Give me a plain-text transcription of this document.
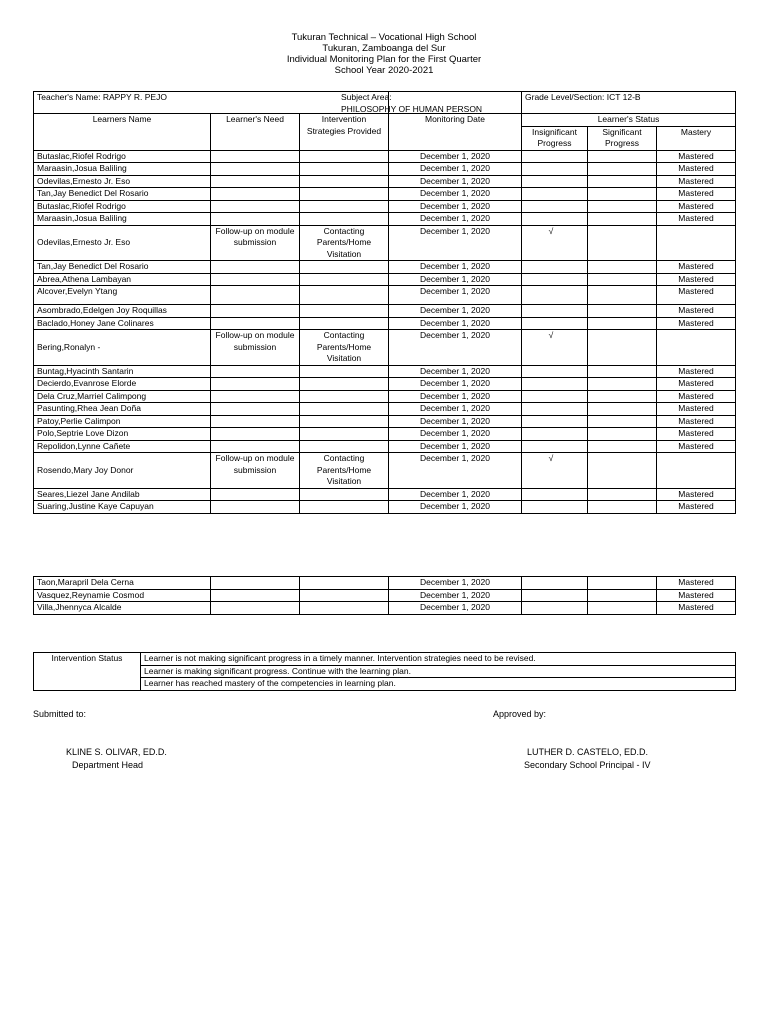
Tukuran Technical – Vocational High School
Tukuran, Zamboanga del Sur
Individual Monitoring Plan for the First Quarter
School Year 2020-2021
Teacher's Name: RAPPY R. PEJO			Subject Area:
PHILOSOPHY OF HUMAN PERSON	Grade Level/Section: ICT 12-B		
Learners Name	Learner's Need	Intervention Strategies Provided	Monitoring Date	Learner's Status		
				Insignificant Progress	Significant Progress	Mastery
Butaslac,Riofel Rodrigo			December 1, 2020			Mastered
Maraasin,Josua Baliling			December 1, 2020			Mastered
Odevilas,Ernesto Jr. Eso			December 1, 2020			Mastered
Tan,Jay Benedict Del Rosario			December 1, 2020			Mastered
Butaslac,Riofel Rodrigo			December 1, 2020			Mastered
Maraasin,Josua Baliling			December 1, 2020			Mastered
Odevilas,Ernesto Jr. Eso	Follow-up on module submission	Contacting Parents/Home Visitation	December 1, 2020	√		
Tan,Jay Benedict Del Rosario			December 1, 2020			Mastered
Abrea,Athena Lambayan			December 1, 2020			Mastered
Alcover,Evelyn Ytang			December 1, 2020			Mastered
Asombrado,Edelgen Joy Roquillas			December 1, 2020			Mastered
Baclado,Honey Jane Colinares			December 1, 2020			Mastered
Bering,Ronalyn -	Follow-up on module submission	Contacting Parents/Home Visitation	December 1, 2020	√		
Buntag,Hyacinth Santarin			December 1, 2020			Mastered
Decierdo,Evanrose Elorde			December 1, 2020			Mastered
Dela Cruz,Marriel Calimpong			December 1, 2020			Mastered
Pasunting,Rhea Jean Doña			December 1, 2020			Mastered
Patoy,Perlie Calimpon			December 1, 2020			Mastered
Polo,Septrie Love Dizon			December 1, 2020			Mastered
Repolidon,Lynne Cañete			December 1, 2020			Mastered
Rosendo,Mary Joy Donor	Follow-up on module submission	Contacting Parents/Home Visitation	December 1, 2020	√		
Seares,Liezel Jane Andilab			December 1, 2020			Mastered
Suaring,Justine Kaye Capuyan			December 1, 2020			Mastered
Taon,Marapril Dela Cerna			December 1, 2020			Mastered
Vasquez,Reynamie Cosmod			December 1, 2020			Mastered
Villa,Jhennyca Alcalde			December 1, 2020			Mastered
Intervention Status	Learner is not making significant progress in a timely manner. Intervention strategies need to be revised.
Learner is making significant progress. Continue with the learning plan.
Learner has reached mastery of the competencies in learning plan.
Submitted to:	Approved by:
KLINE S. OLIVAR, ED.D.
Department Head
LUTHER D. CASTELO, ED.D.
Secondary School Principal - IV
